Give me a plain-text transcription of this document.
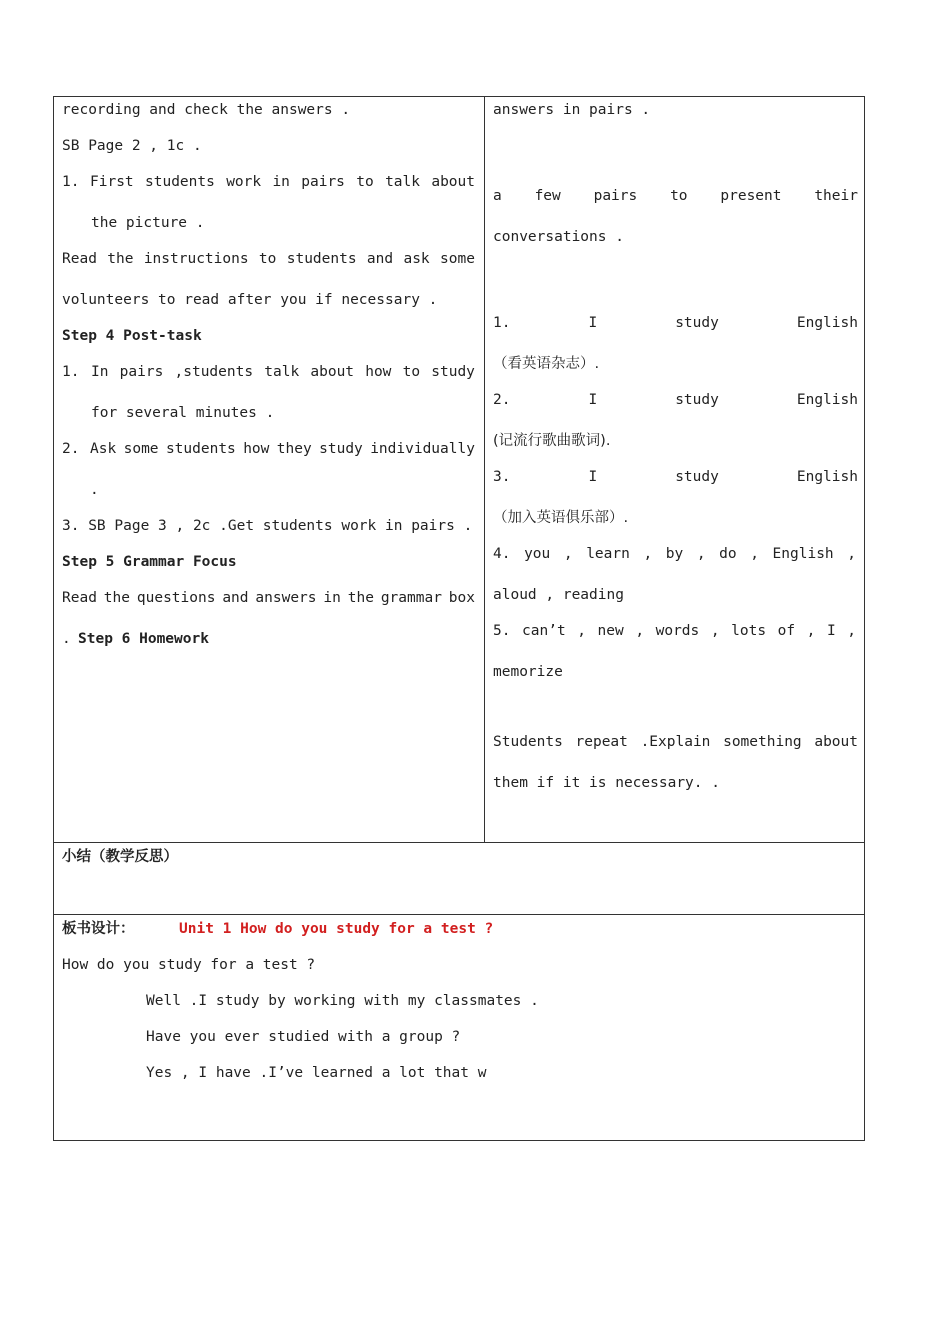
recording and check the answers .
SB Page 2 , 1c .
1. First students work in pairs to talk about
the picture .
Read the instructions to students and ask some
volunteers to read after you if necessary .
Step 4 Post-task
1. In pairs ,students talk about how to study
for several minutes .
2. Ask some students how they study individually
.
3. SB Page 3 , 2c .Get students work in pairs .
Step 5 Grammar Focus
Read the questions and answers in the grammar box
. Step 6 Homework
answers in pairs .
a few pairs to present their
conversations .
1.	I	study	English
（看英语杂志）.
2.	I	study	English
(记流行歌曲歌词).
3.	I	study	English
（加入英语俱乐部）.
4. you , learn , by , do , English ,
aloud , reading
5. can’t , new , words , lots of , I ,
memorize
Students repeat .Explain something about
them if it is necessary. .
小结（教学反思）
板书设计：	Unit 1 How do you study for a test ?
How do you study for a test ?
Well .I study by working with my classmates .
Have you ever studied with a group ?
Yes , I have .I’ve learned a lot that w
